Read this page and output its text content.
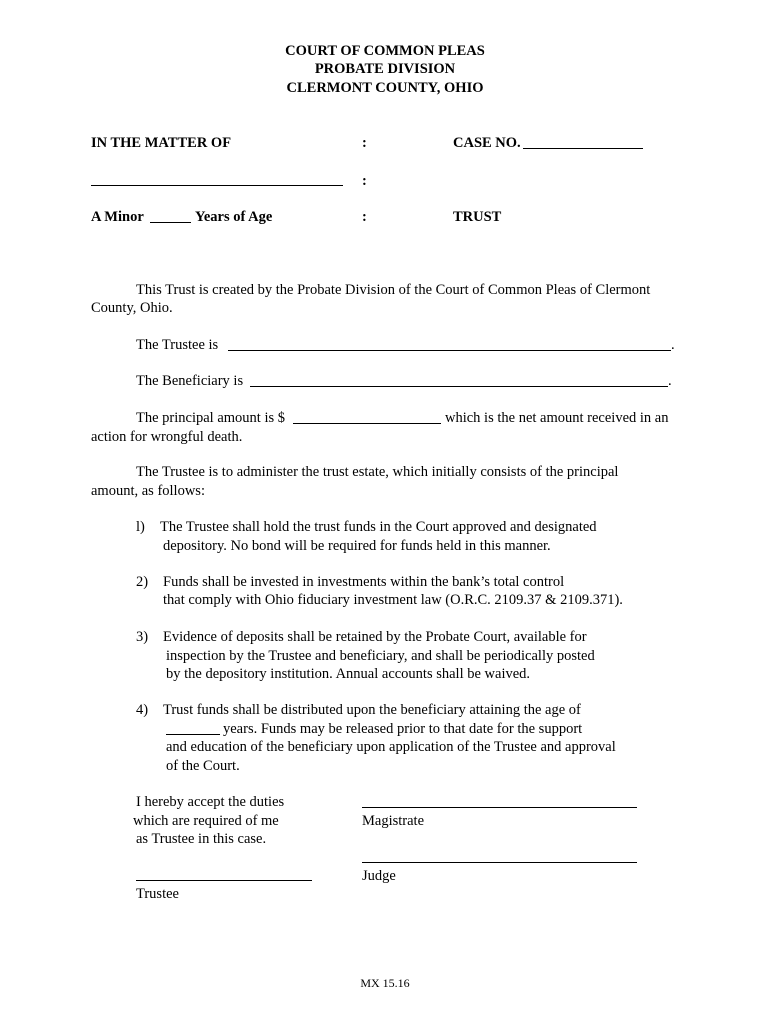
COURT OF COMMON PLEAS
PROBATE DIVISION
CLERMONT COUNTY, OHIO
IN THE MATTER OF	:	CASE NO.
:
A Minor	Years of Age	:	TRUST
This Trust is created by the Probate Division of the Court of Common Pleas of Clermont
County, Ohio.
The Trustee is	.
The Beneficiary is	.
The principal amount is $	which is the net amount received in an
action for wrongful death.
The Trustee is to administer the trust estate, which initially consists of the principal
amount, as follows:
l) The Trustee shall hold the trust funds in the Court approved and designated
depository. No bond will be required for funds held in this manner.
2) Funds shall be invested in investments within the bank’s total control
that comply with Ohio fiduciary investment law (O.R.C. 2109.37 & 2109.371).
3) Evidence of deposits shall be retained by the Probate Court, available for
inspection by the Trustee and beneficiary, and shall be periodically posted
by the depository institution. Annual accounts shall be waived.
4) Trust funds shall be distributed upon the beneficiary attaining the age of
years. Funds may be released prior to that date for the support
and education of the beneficiary upon application of the Trustee and approval
of the Court.
I hereby accept the duties
which are required of me
as Trustee in this case.
Trustee
Magistrate
Judge
MX 15.16
